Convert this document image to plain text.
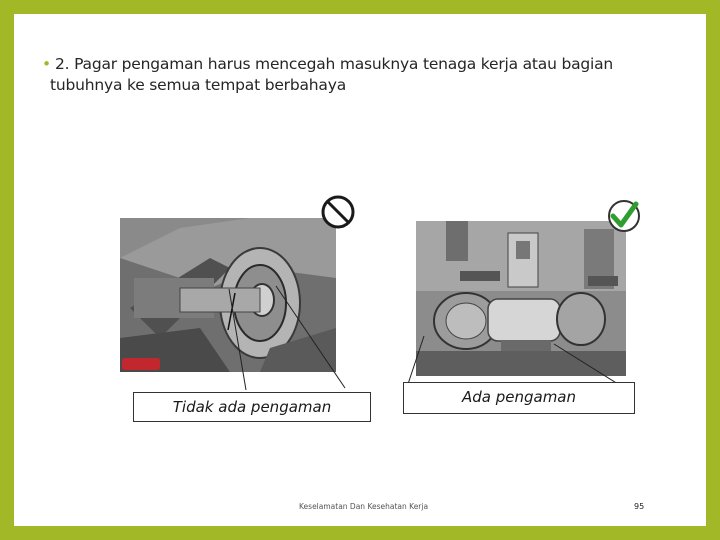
• 2. Pagar pengaman harus mencegah masuknya tenaga kerja atau bagian
tubuhnya ke semua tempat berbahaya
Tidak ada pengaman
Ada pengaman
Keselamatan Dan Kesehatan Kerja	95
